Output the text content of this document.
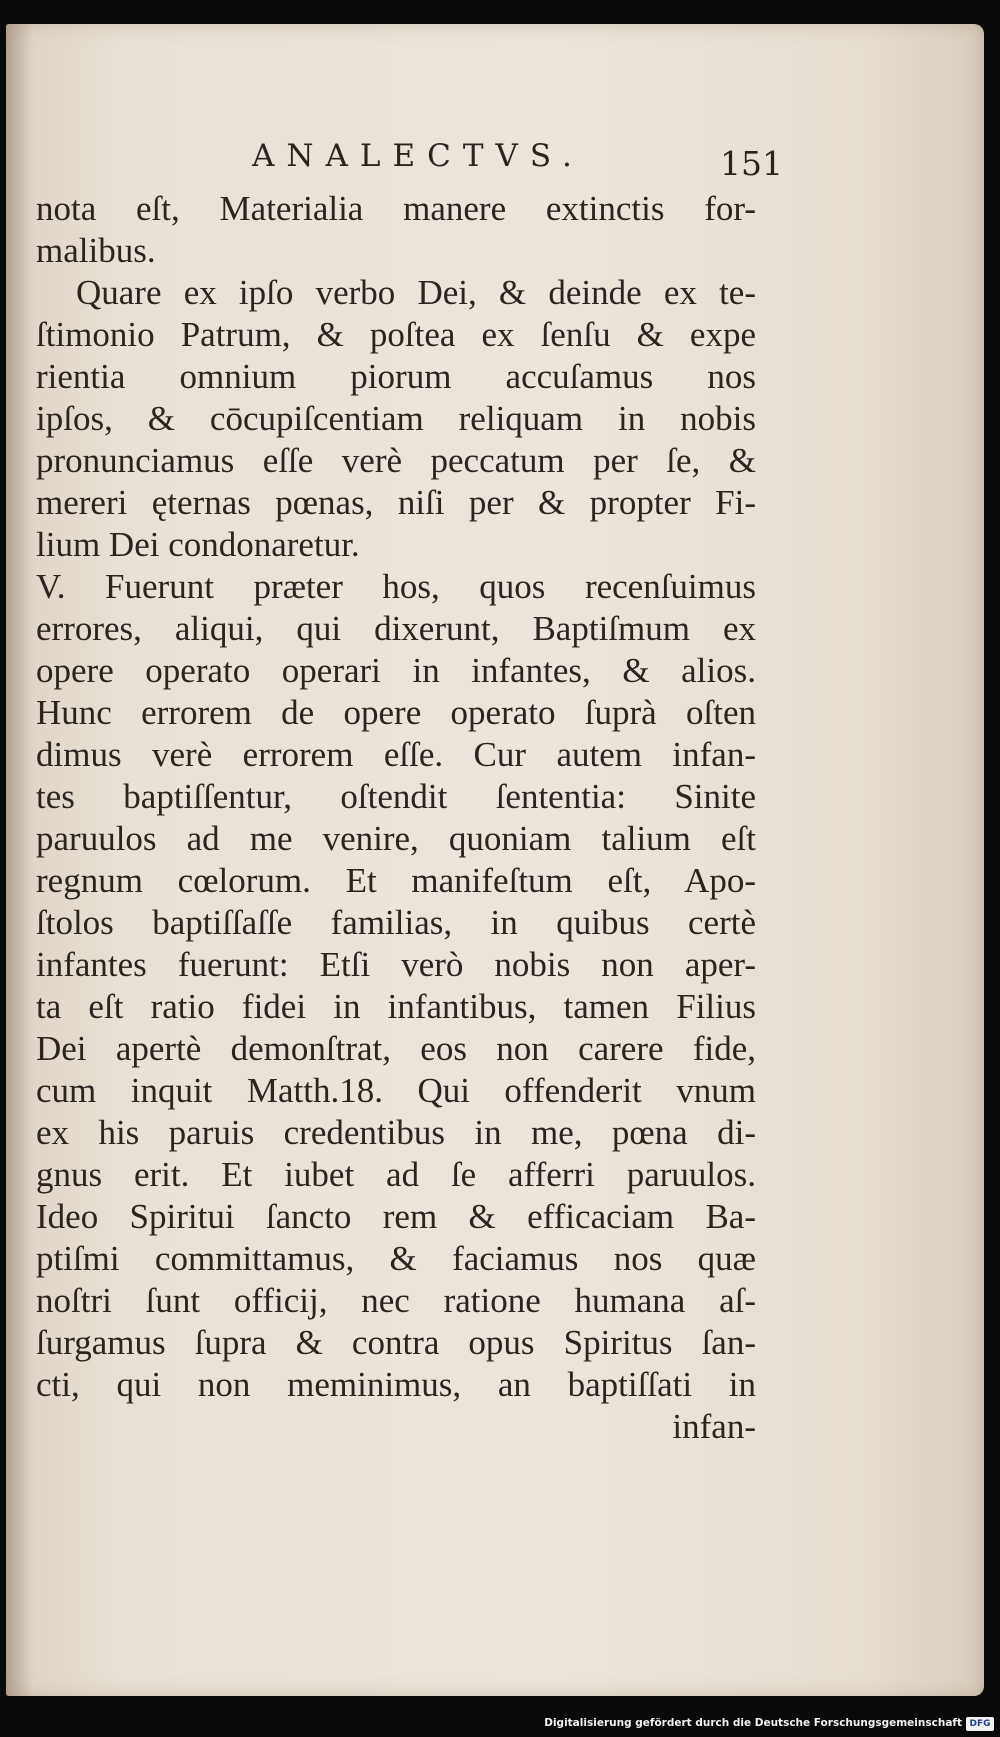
ANALECTVS.	151
nota eſt, Materialia manere extinctis for-
malibus.
Quare ex ipſo verbo Dei, & deinde ex te-
ſtimonio Patrum, & poſtea ex ſenſu & expe
rientia omnium piorum accuſamus nos
ipſos, & cōcupiſcentiam reliquam in nobis
pronunciamus eſſe verè peccatum per ſe, &
mereri ęternas pœnas, niſi per & propter Fi-
lium Dei condonaretur.
V. Fuerunt præter hos, quos recenſuimus
errores, aliqui, qui dixerunt, Baptiſmum ex
opere operato operari in infantes, & alios.
Hunc errorem de opere operato ſuprà oſten
dimus verè errorem eſſe. Cur autem infan-
tes baptiſſentur, oſtendit ſententia: Sinite
paruulos ad me venire, quoniam talium eſt
regnum cœlorum. Et manifeſtum eſt, Apo-
ſtolos baptiſſaſſe familias, in quibus certè
infantes fuerunt: Etſi verò nobis non aper-
ta eſt ratio fidei in infantibus, tamen Filius
Dei apertè demonſtrat, eos non carere fide,
cum inquit Matth.18. Qui offenderit vnum
ex his paruis credentibus in me, pœna di-
gnus erit. Et iubet ad ſe afferri paruulos.
Ideo Spiritui ſancto rem & efficaciam Ba-
ptiſmi committamus, & faciamus nos quæ
noſtri ſunt officij, nec ratione humana aſ-
ſurgamus ſupra & contra opus Spiritus ſan-
cti, qui non meminimus, an baptiſſati in
infan-
Digitalisierung gefördert durch die Deutsche Forschungsgemeinschaft DFG
